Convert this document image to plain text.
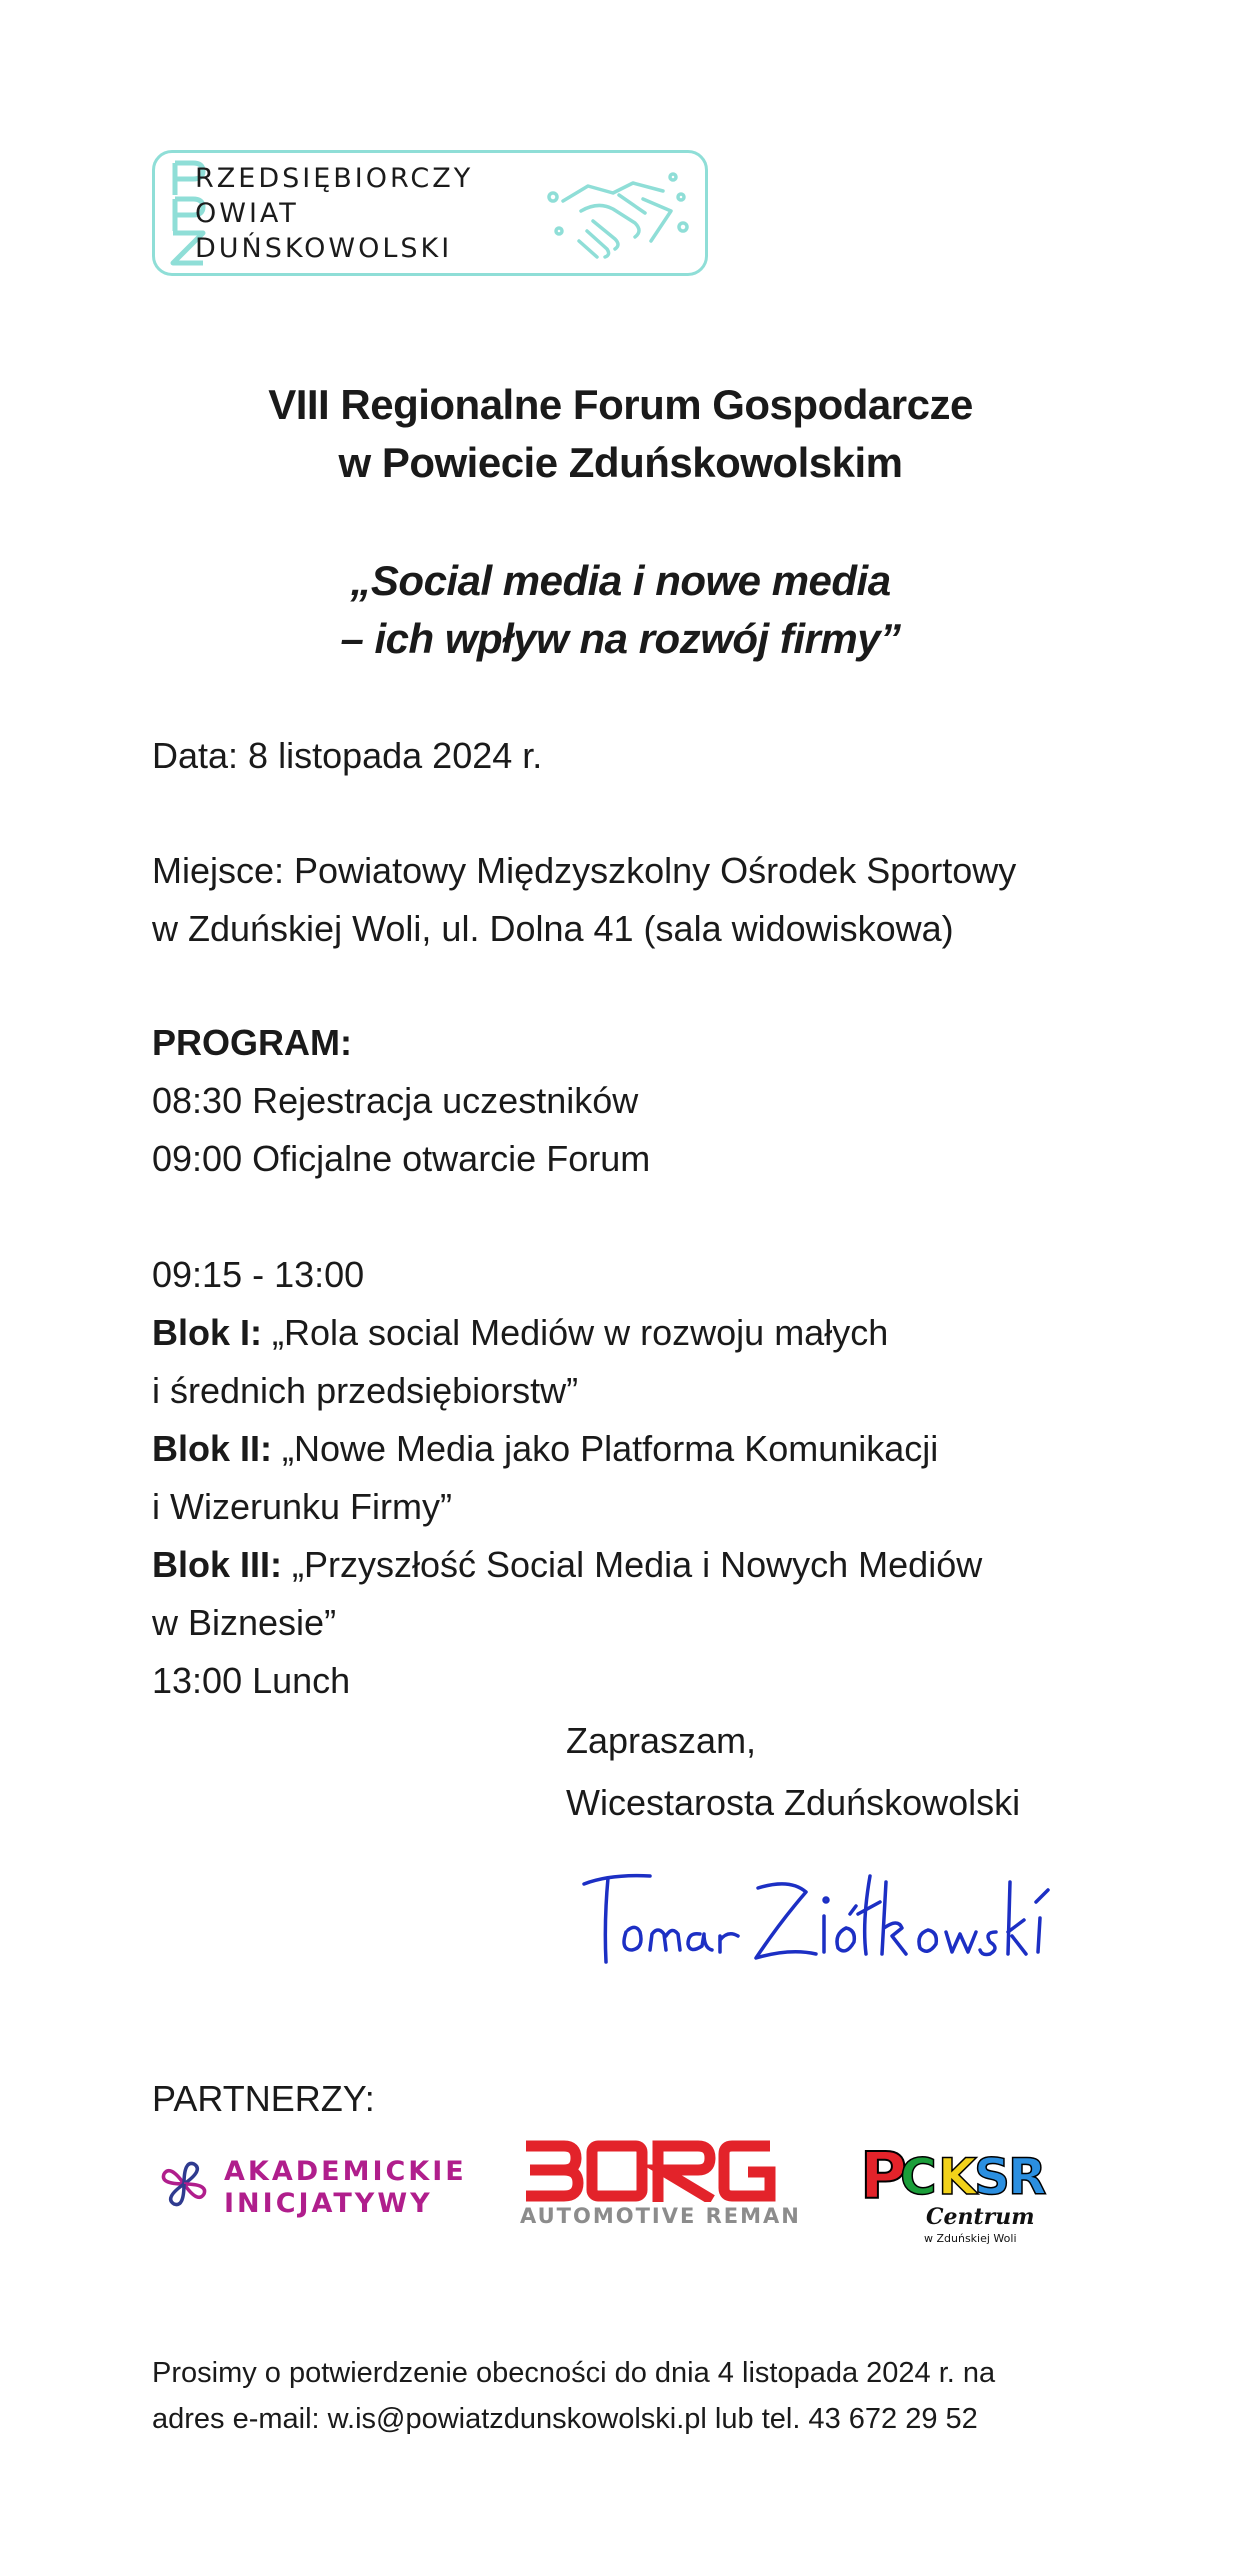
RZEDSIĘBIORCZY
OWIAT
DUŃSKOWOLSKI
VIII Regionalne Forum Gospodarcze
w Powiecie Zduńskowolskim
„Social media i nowe media
– ich wpływ na rozwój firmy”
Data: 8 listopada 2024 r.
Miejsce: Powiatowy Międzyszkolny Ośrodek Sportowy
w Zduńskiej Woli, ul. Dolna 41 (sala widowiskowa)
PROGRAM:
08:30 Rejestracja uczestników
09:00 Oficjalne otwarcie Forum
09:15 - 13:00
Blok I: „Rola social Mediów w rozwoju małych
i średnich przedsiębiorstw”
Blok II: „Nowe Media jako Platforma Komunikacji
i Wizerunku Firmy”
Blok III: „Przyszłość Social Media i Nowych Mediów
w Biznesie”
13:00 Lunch
Zapraszam,
Wicestarosta Zduńskowolski
PARTNERZY:
AKADEMICKIE
INICJATYWY	AUTOMOTIVE REMAN
P
C K
S
R
Centrum
w Zduńskiej Woli
Prosimy o potwierdzenie obecności do dnia 4 listopada 2024 r. na
adres e-mail: w.is@powiatzdunskowolski.pl lub tel. 43 672 29 52
